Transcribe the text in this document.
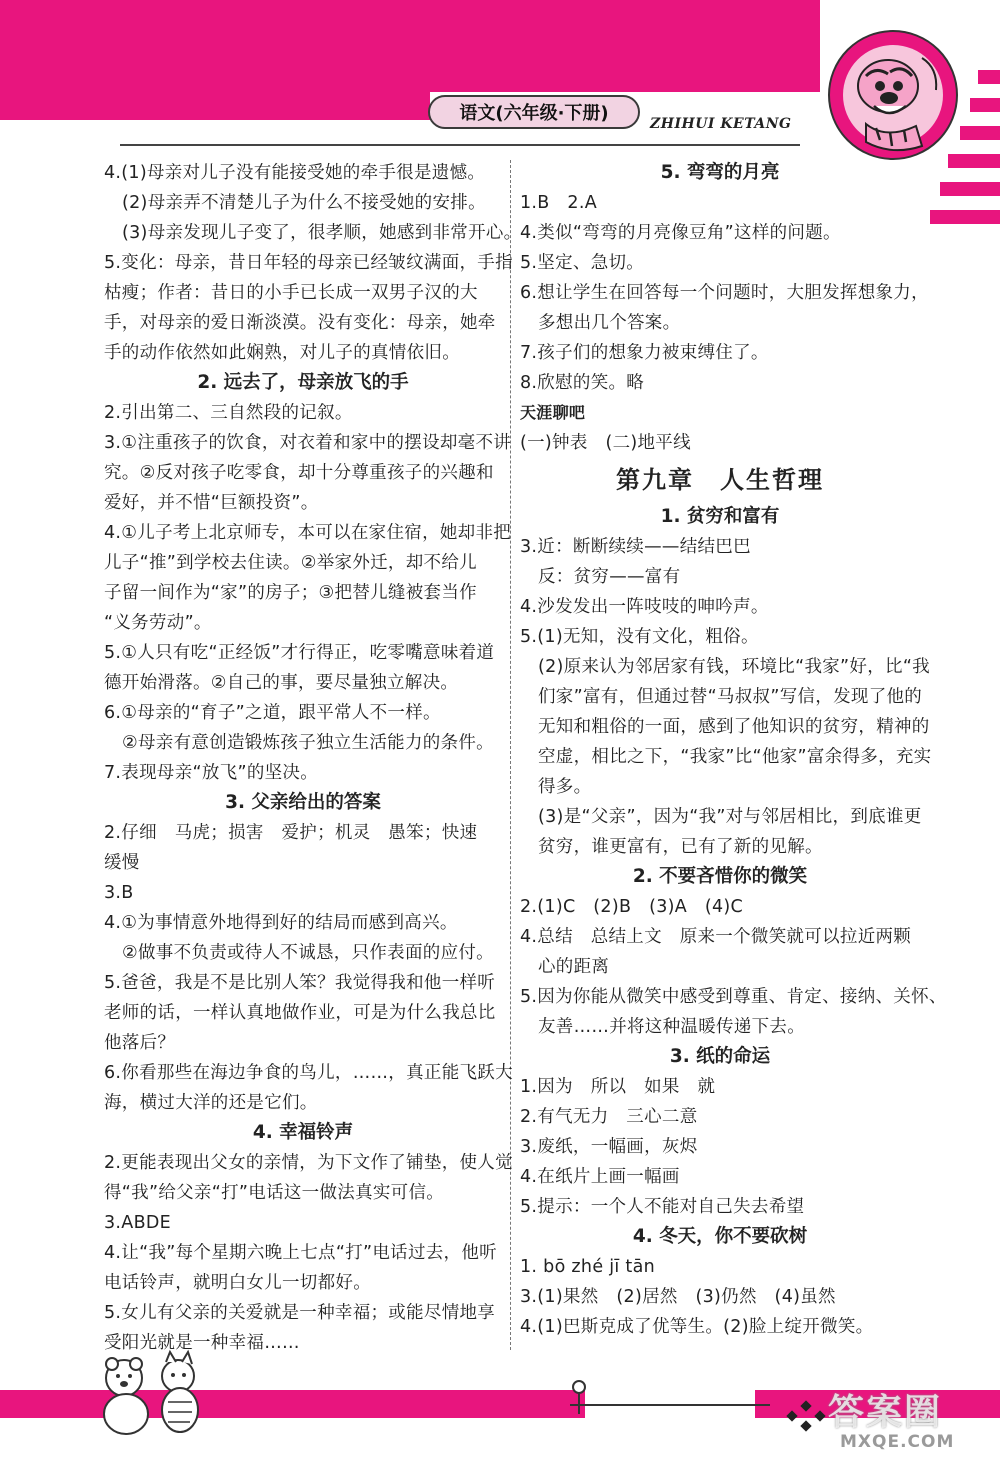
语文(六年级·下册)	ZHIHUI KETANG
4.(1)母亲对儿子没有能接受她的牵手很是遗憾。
(2)母亲弄不清楚儿子为什么不接受她的安排。
(3)母亲发现儿子变了，很孝顺，她感到非常开心。
5.变化：母亲，昔日年轻的母亲已经皱纹满面，手指
枯瘦；作者：昔日的小手已长成一双男子汉的大
手，对母亲的爱日渐淡漠。没有变化：母亲，她牵
手的动作依然如此娴熟，对儿子的真情依旧。
2. 远去了，母亲放飞的手
2.引出第二、三自然段的记叙。
3.①注重孩子的饮食，对衣着和家中的摆设却毫不讲
究。②反对孩子吃零食，却十分尊重孩子的兴趣和
爱好，并不惜“巨额投资”。
4.①儿子考上北京师专，本可以在家住宿，她却非把
儿子“推”到学校去住读。②举家外迁，却不给儿
子留一间作为“家”的房子；③把替儿缝被套当作
“义务劳动”。
5.①人只有吃“正经饭”才行得正，吃零嘴意味着道
德开始滑落。②自己的事，要尽量独立解决。
6.①母亲的“育子”之道，跟平常人不一样。
②母亲有意创造锻炼孩子独立生活能力的条件。
7.表现母亲“放飞”的坚决。
3. 父亲给出的答案
2.仔细　马虎；损害　爱护；机灵　愚笨；快速
缓慢
3.B
4.①为事情意外地得到好的结局而感到高兴。
②做事不负责或待人不诚恳，只作表面的应付。
5.爸爸，我是不是比别人笨？我觉得我和他一样听
老师的话，一样认真地做作业，可是为什么我总比
他落后？
6.你看那些在海边争食的鸟儿，……，真正能飞跃大
海，横过大洋的还是它们。
4. 幸福铃声
2.更能表现出父女的亲情，为下文作了铺垫，使人觉
得“我”给父亲“打”电话这一做法真实可信。
3.ABDE
4.让“我”每个星期六晚上七点“打”电话过去，他听
电话铃声，就明白女儿一切都好。
5.女儿有父亲的关爱就是一种幸福；或能尽情地享
受阳光就是一种幸福……
5. 弯弯的月亮
1.B　2.A
4.类似“弯弯的月亮像豆角”这样的问题。
5.坚定、急切。
6.想让学生在回答每一个问题时，大胆发挥想象力，
多想出几个答案。
7.孩子们的想象力被束缚住了。
8.欣慰的笑。略
天涯聊吧
(一)钟表　(二)地平线
第九章　人生哲理
1. 贫穷和富有
3.近：断断续续——结结巴巴
反：贫穷——富有
4.沙发发出一阵吱吱的呻吟声。
5.(1)无知，没有文化，粗俗。
(2)原来认为邻居家有钱，环境比“我家”好，比“我
们家”富有，但通过替“马叔叔”写信，发现了他的
无知和粗俗的一面，感到了他知识的贫穷，精神的
空虚，相比之下，“我家”比“他家”富余得多，充实
得多。
(3)是“父亲”，因为“我”对与邻居相比，到底谁更
贫穷，谁更富有，已有了新的见解。
2. 不要吝惜你的微笑
2.(1)C　(2)B　(3)A　(4)C
4.总结　总结上文　原来一个微笑就可以拉近两颗
心的距离
5.因为你能从微笑中感受到尊重、肯定、接纳、关怀、
友善……并将这种温暖传递下去。
3. 纸的命运
1.因为　所以　如果　就
2.有气无力　三心二意
3.废纸，一幅画，灰烬
4.在纸片上画一幅画
5.提示：一个人不能对自己失去希望
4. 冬天，你不要砍树
1. bō zhé jī tān
3.(1)果然　(2)居然　(3)仍然　(4)虽然
4.(1)巴斯克成了优等生。(2)脸上绽开微笑。
答案圈
MXQE.COM
